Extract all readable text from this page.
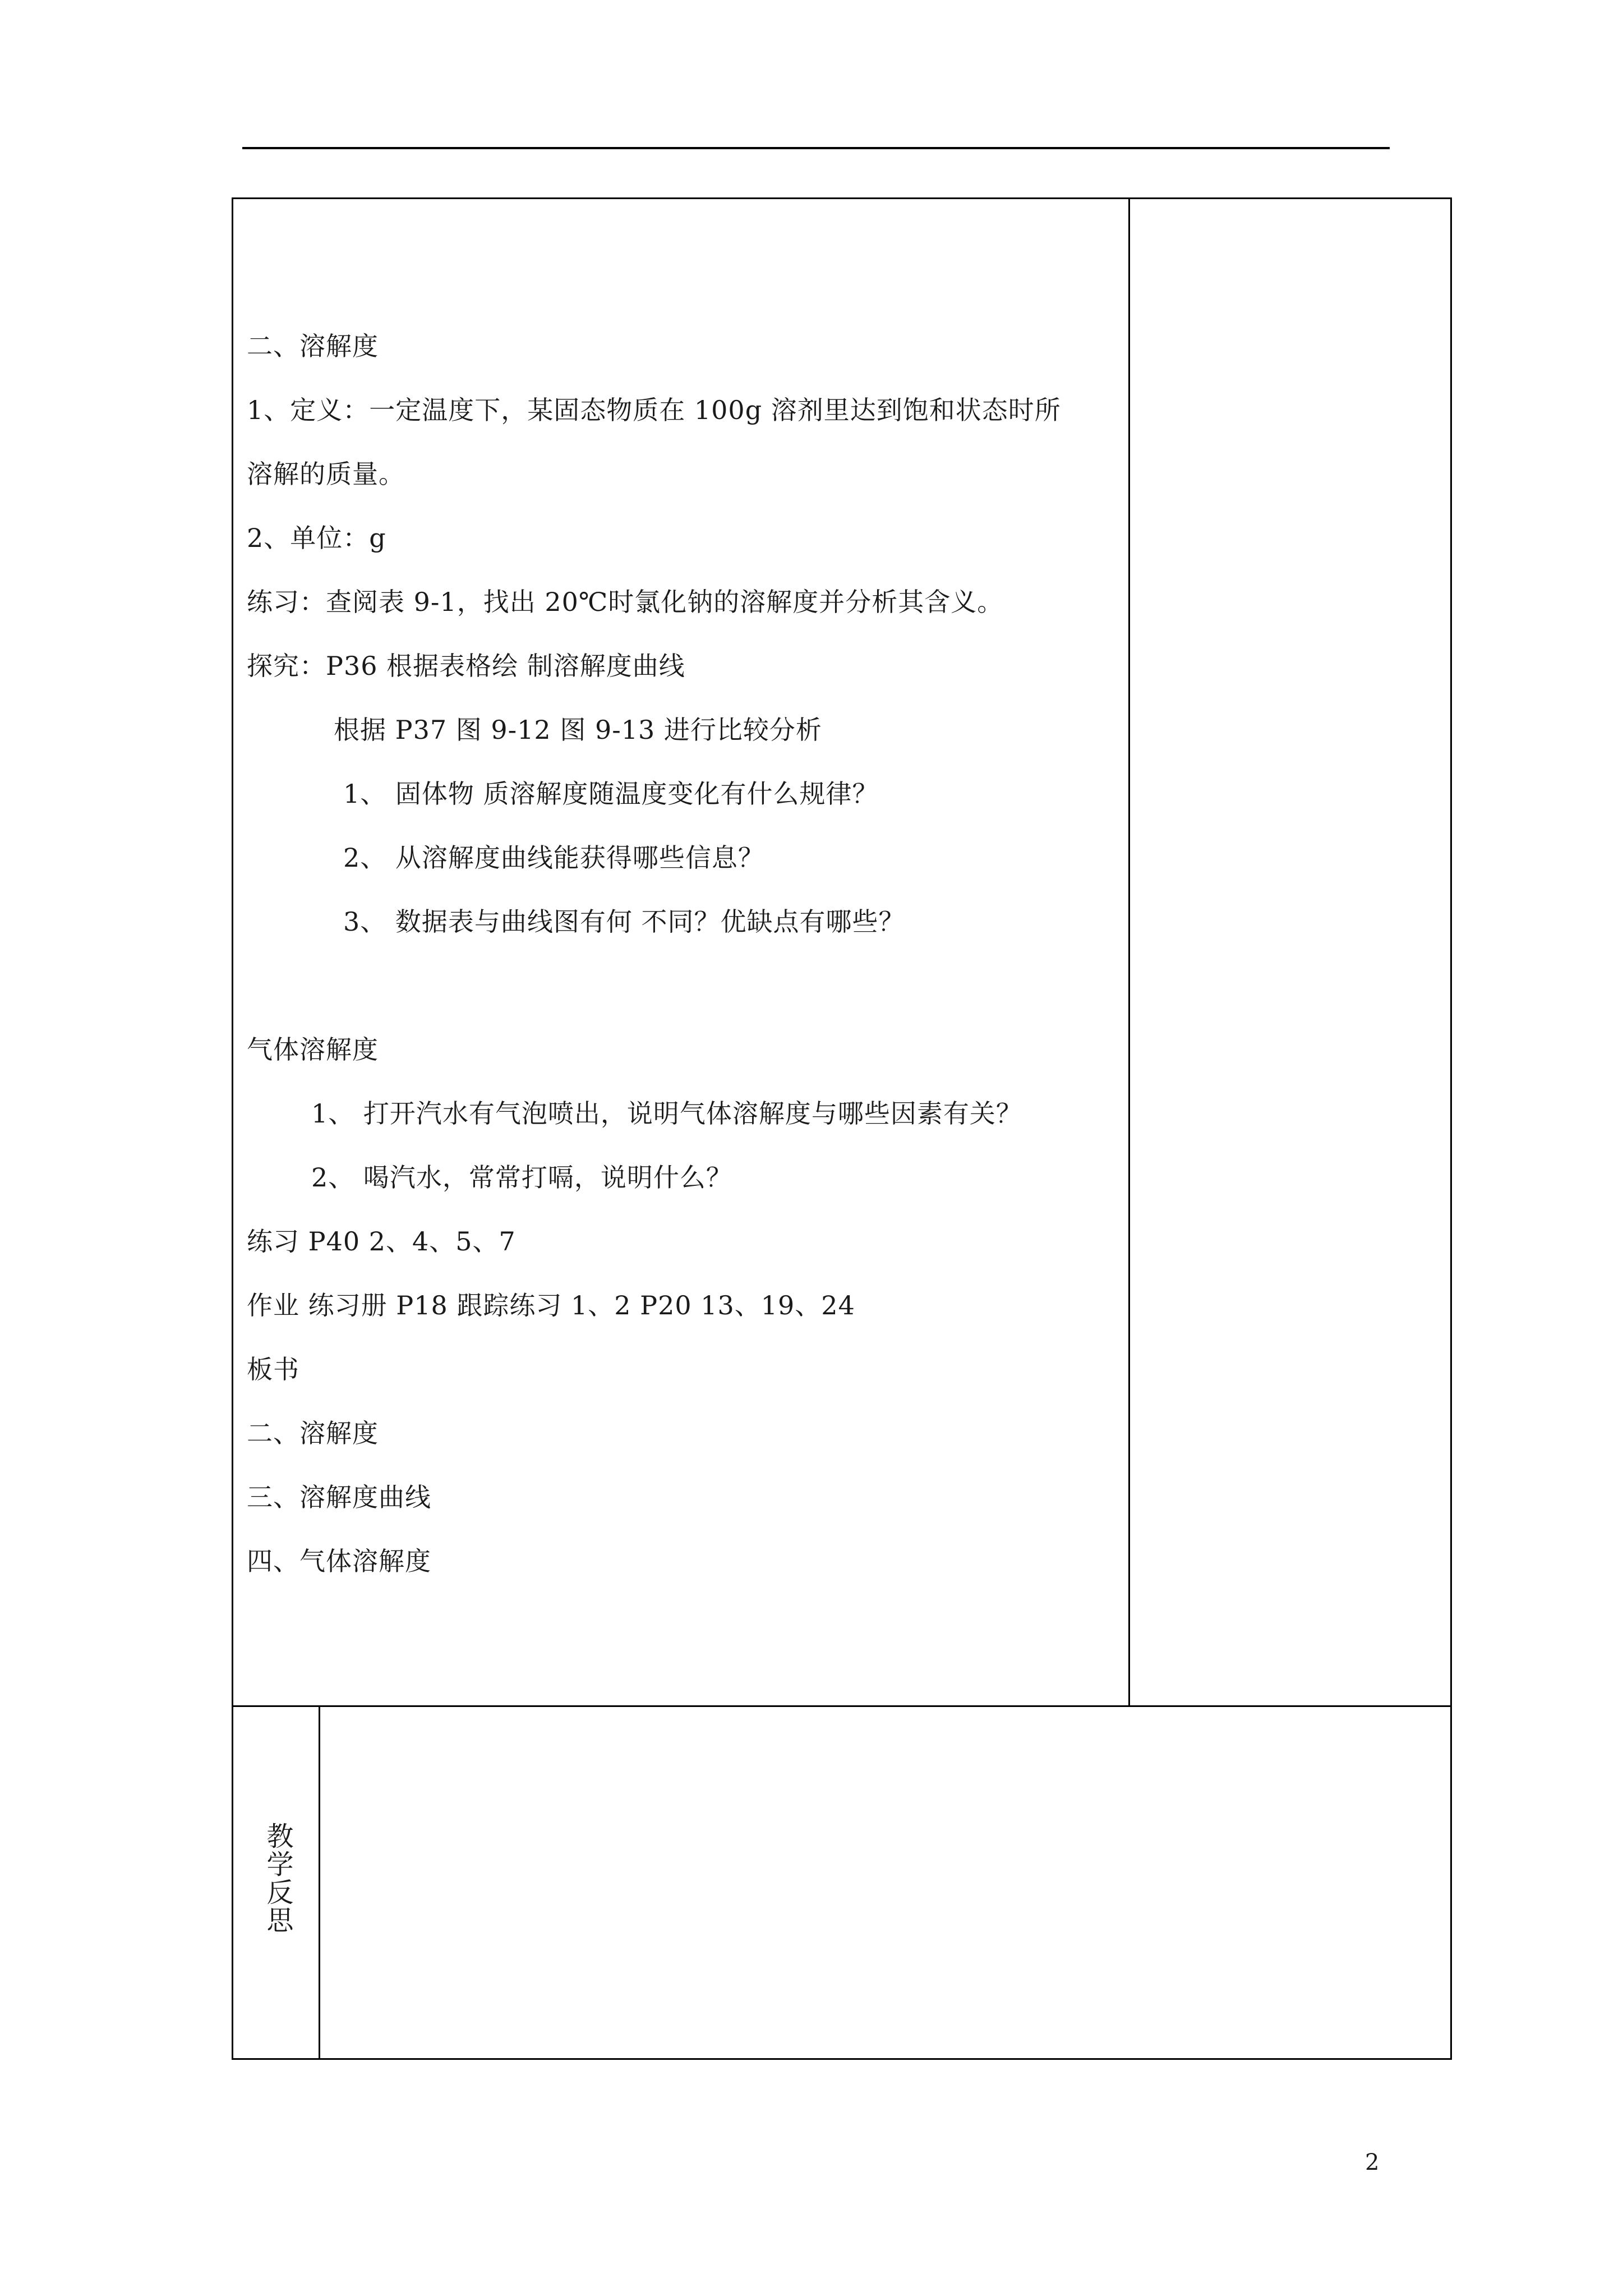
二、溶解度
1、定义：一定温度下，某固态物质在 100g 溶剂里达到饱和状态时所
溶解的质量。
2、单位：g
练习：查阅表 9-1，找出 20℃时氯化钠的溶解度并分析其含义。
探究：P36 根据表格绘 制溶解度曲线
根据 P37 图 9-12 图 9-13 进行比较分析
1、 固体物 质溶解度随温度变化有什么规律？
2、 从溶解度曲线能获得哪些信息？
3、 数据表与曲线图有何 不同？优缺点有哪些？
气体溶解度
1、 打开汽水有气泡喷出，说明气体溶解度与哪些因素有关？
2、 喝汽水，常常打嗝，说明什么？
练习 P40 2、4、5、7
作业 练习册 P18 跟踪练习 1、2 P20 13、19、24
板书
二、溶解度
三、溶解度曲线
四、气体溶解度
教学反思
2
